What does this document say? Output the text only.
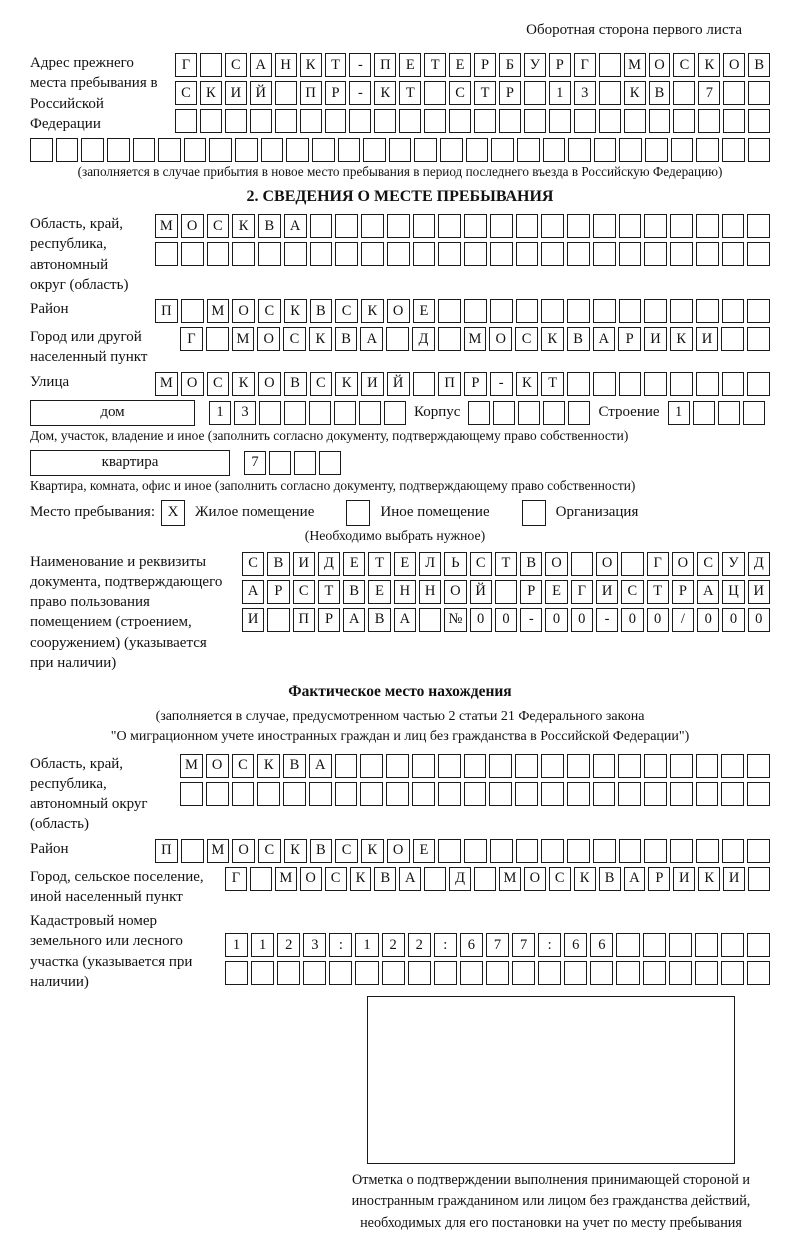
Оборотная сторона первого листа
Адрес прежнего места пребывания в Российской Федерации
Г	С	А Н	К	Т	-	П	Е	Т	Е	Р	Б	У	Р	Г	М О	С	К	О	В
С	К	И Й	П	Р	-	К	Т	С	Т	Р	1	3	К	В	7
(заполняется в случае прибытия в новое место пребывания в период последнего въезда в Российскую Федерацию)
2. СВЕДЕНИЯ О МЕСТЕ ПРЕБЫВАНИЯ
Область, край, республика, автономный округ (область)
М О	С	К	В	А
Район	П	М О	С	К	В	С	К	О	Е
Город или другой населенный пункт
Г	М О	С	К	В	А	Д	М О	С	К	В	А	Р	И	К	И
Улица	М О	С	К	О	В	С	К	И	Й	П	Р	-	К	Т
дом	1	3	Корпус	Строение	1
Дом, участок, владение и иное (заполнить согласно документу, подтверждающему право собственности)
квартира	7
Квартира, комната, офис и иное (заполнить согласно документу, подтверждающему право собственности)
Место пребывания: X	Жилое помещение	Иное помещение	Организация
(Необходимо выбрать нужное)
Наименование и реквизиты документа, подтверждающего право пользования помещением (строением, сооружением) (указывается при наличии)
С	В	И	Д	Е	Т	Е	Л	Ь	С	Т	В	О	О	Г	О	С	У	Д
А	Р	С	Т	В	Е	Н	Н	О	Й	Р	Е	Г	И	С	Т	Р	А	Ц	И
И	П	Р	А	В	А	№	0	0	-	0	0	-	0	0	/	0	0	0
Фактическое место нахождения
(заполняется в случае, предусмотренном частью 2 статьи 21 Федерального закона
"О миграционном учете иностранных граждан и лиц без гражданства в Российской Федерации")
Область, край, республика, автономный округ (область)
М О	С	К	В	А
Район	П	М О	С	К	В	С	К	О	Е
Город, сельское поселение, иной населенный пункт
Г	М О	С	К	В	А	Д	М О	С	К	В	А	Р	И	К	И
Кадастровый номер земельного или лесного участка (указывается при наличии)
1	1	2	3	:	1	2	2	:	6	7	7	:	6	6
Отметка о подтверждении выполнения принимающей стороной и иностранным гражданином или лицом без гражданства действий, необходимых для его постановки на учет по месту пребывания
